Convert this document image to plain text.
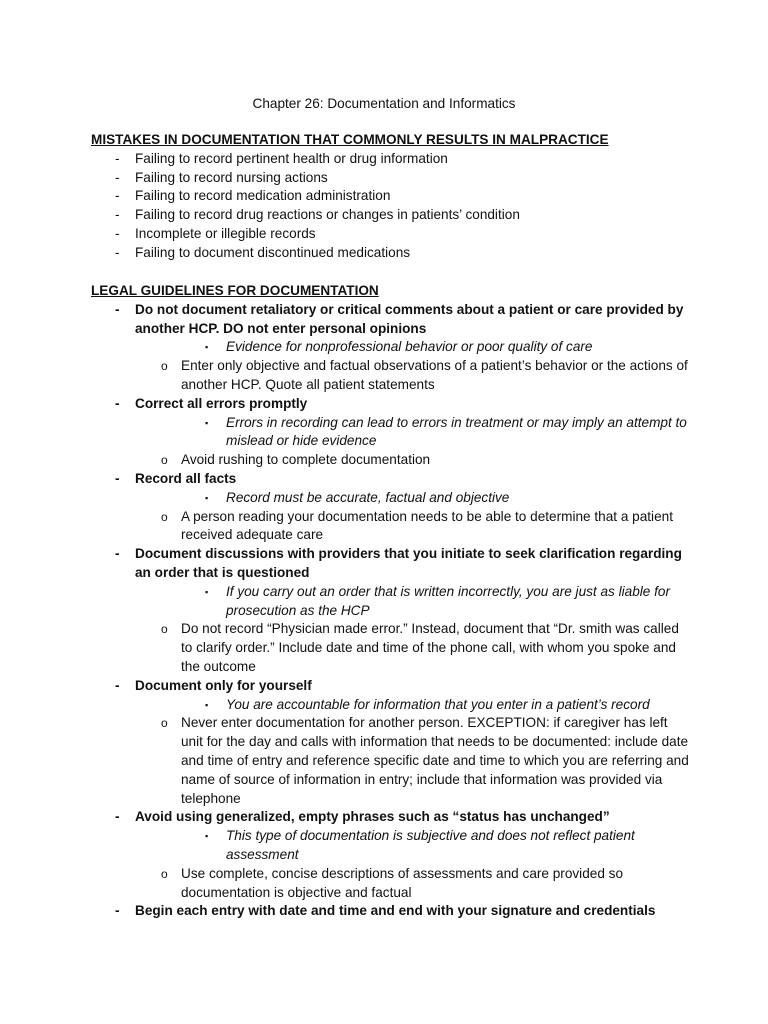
Chapter 26: Documentation and Informatics
MISTAKES IN DOCUMENTATION THAT COMMONLY RESULTS IN MALPRACTICE
- Failing to record pertinent health or drug information
- Failing to record nursing actions
- Failing to record medication administration
- Failing to record drug reactions or changes in patients’ condition
- Incomplete or illegible records
- Failing to document discontinued medications
LEGAL GUIDELINES FOR DOCUMENTATION
- Do not document retaliatory or critical comments about a patient or care provided by another HCP. DO not enter personal opinions
▪ Evidence for nonprofessional behavior or poor quality of care
o Enter only objective and factual observations of a patient’s behavior or the actions of another HCP. Quote all patient statements
- Correct all errors promptly
▪ Errors in recording can lead to errors in treatment or may imply an attempt to mislead or hide evidence
o Avoid rushing to complete documentation
- Record all facts
▪ Record must be accurate, factual and objective
o A person reading your documentation needs to be able to determine that a patient received adequate care
- Document discussions with providers that you initiate to seek clarification regarding an order that is questioned
▪ If you carry out an order that is written incorrectly, you are just as liable for prosecution as the HCP
o Do not record “Physician made error.” Instead, document that “Dr. smith was called to clarify order.” Include date and time of the phone call, with whom you spoke and the outcome
- Document only for yourself
▪ You are accountable for information that you enter in a patient’s record
o Never enter documentation for another person. EXCEPTION: if caregiver has left unit for the day and calls with information that needs to be documented: include date and time of entry and reference specific date and time to which you are referring and name of source of information in entry; include that information was provided via telephone
- Avoid using generalized, empty phrases such as “status has unchanged”
▪ This type of documentation is subjective and does not reflect patient assessment
o Use complete, concise descriptions of assessments and care provided so documentation is objective and factual
- Begin each entry with date and time and end with your signature and credentials
